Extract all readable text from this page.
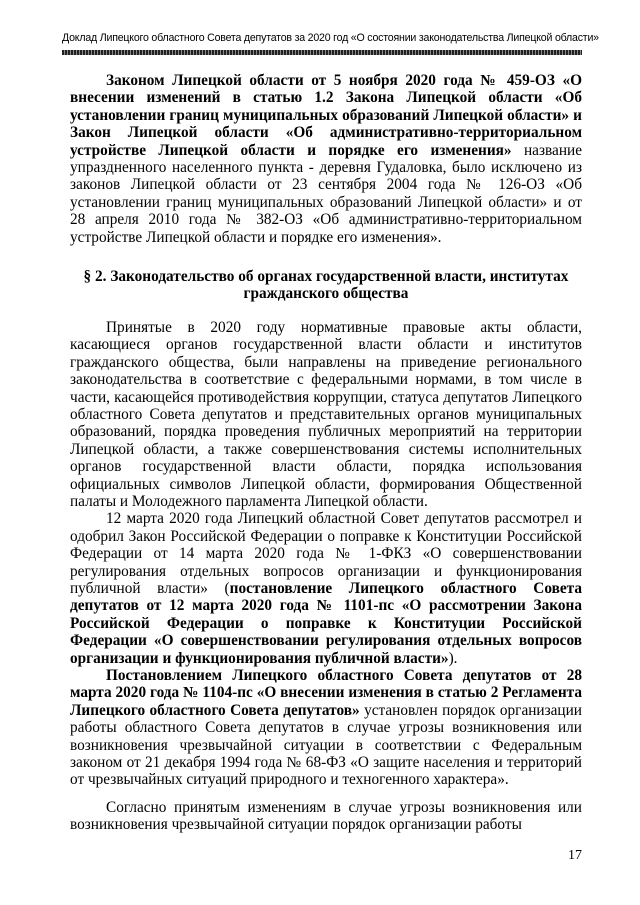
Доклад Липецкого областного Совета депутатов за 2020 год «О состоянии законодательства Липецкой области»

Законом Липецкой области от 5 ноября 2020 года № 459-ОЗ «О внесении изменений в статью 1.2 Закона Липецкой области «Об установлении границ муниципальных образований Липецкой области» и Закон Липецкой области «Об административно-территориальном устройстве Липецкой области и порядке его изменения» название упраздненного населенного пункта - деревня Гудаловка, было исключено из законов Липецкой области от 23 сентября 2004 года № 126-ОЗ «Об установлении границ муниципальных образований Липецкой области» и от 28 апреля 2010 года № 382-ОЗ «Об административно-территориальном устройстве Липецкой области и порядке его изменения».

§ 2. Законодательство об органах государственной власти, институтах гражданского общества

Принятые в 2020 году нормативные правовые акты области, касающиеся органов государственной власти области и институтов гражданского общества, были направлены на приведение регионального законодательства в соответствие с федеральными нормами, в том числе в части, касающейся противодействия коррупции, статуса депутатов Липецкого областного Совета депутатов и представительных органов муниципальных образований, порядка проведения публичных мероприятий на территории Липецкой области, а также совершенствования системы исполнительных органов государственной власти области, порядка использования официальных символов Липецкой области, формирования Общественной палаты и Молодежного парламента Липецкой области.

12 марта 2020 года Липецкий областной Совет депутатов рассмотрел и одобрил Закон Российской Федерации о поправке к Конституции Российской Федерации от 14 марта 2020 года № 1-ФКЗ «О совершенствовании регулирования отдельных вопросов организации и функционирования публичной власти» (постановление Липецкого областного Совета депутатов от 12 марта 2020 года № 1101-пс «О рассмотрении Закона Российской Федерации о поправке к Конституции Российской Федерации «О совершенствовании регулирования отдельных вопросов организации и функционирования публичной власти»).

Постановлением Липецкого областного Совета депутатов от 28 марта 2020 года № 1104-пс «О внесении изменения в статью 2 Регламента Липецкого областного Совета депутатов» установлен порядок организации работы областного Совета депутатов в случае угрозы возникновения или возникновения чрезвычайной ситуации в соответствии с Федеральным законом от 21 декабря 1994 года № 68-ФЗ «О защите населения и территорий от чрезвычайных ситуаций природного и техногенного характера».

Согласно принятым изменениям в случае угрозы возникновения или возникновения чрезвычайной ситуации порядок организации работы

17
